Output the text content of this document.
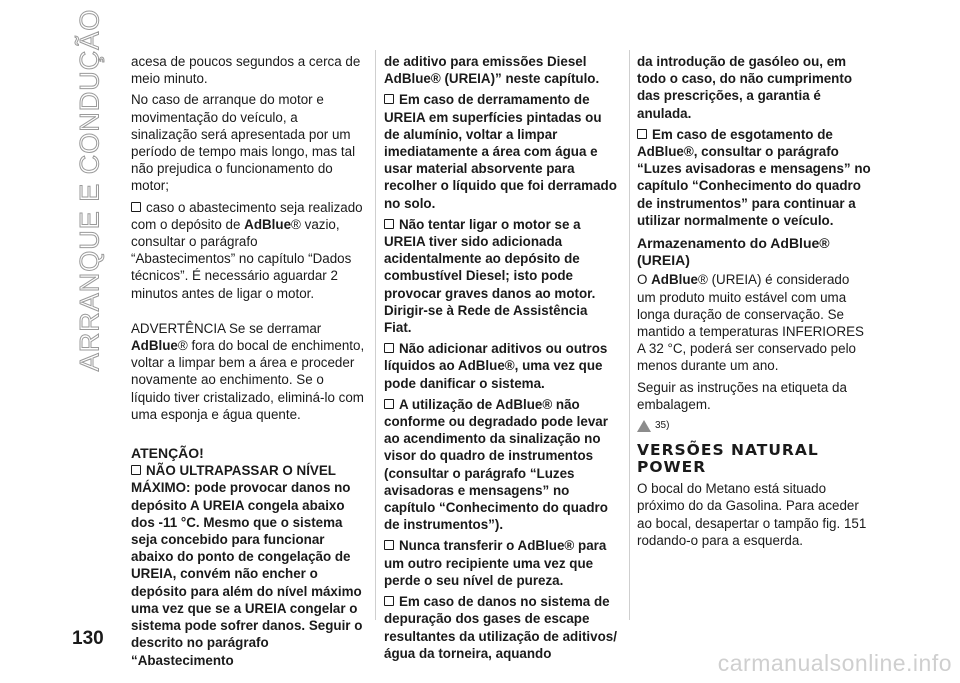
ARRANQUE E CONDUÇÃO acesa de poucos segundos a cerca de meio minuto.

No caso de arranque do motor e movimentação do veículo, a sinalização será apresentada por um período de tempo mais longo, mas tal não prejudica o funcionamento do motor;

caso o abastecimento seja realizado com o depósito de AdBlue® vazio, consultar o parágrafo “Abastecimentos” no capítulo “Dados técnicos”. É necessário aguardar 2 minutos antes de ligar o motor.

ADVERTÊNCIA Se se derramar AdBlue® fora do bocal de enchimento, voltar a limpar bem a área e proceder novamente ao enchimento. Se o líquido tiver cristalizado, eliminá-lo com uma esponja e água quente.

ATENÇÃO!

NÃO ULTRAPASSAR O NÍVEL MÁXIMO: pode provocar danos no depósito A UREIA congela abaixo dos -11 °C. Mesmo que o sistema seja concebido para funcionar abaixo do ponto de congelação de UREIA, convém não encher o depósito para além do nível máximo uma vez que se a UREIA congelar o sistema pode sofrer danos. Seguir o descrito no parágrafo “Abastecimento

de aditivo para emissões Diesel AdBlue® (UREIA)” neste capítulo.

Em caso de derramamento de UREIA em superfícies pintadas ou de alumínio, voltar a limpar imediatamente a área com água e usar material absorvente para recolher o líquido que foi derramado no solo.

Não tentar ligar o motor se a UREIA tiver sido adicionada acidentalmente ao depósito de combustível Diesel; isto pode provocar graves danos ao motor. Dirigir-se à Rede de Assistência Fiat.

Não adicionar aditivos ou outros líquidos ao AdBlue®, uma vez que pode danificar o sistema.

A utilização de AdBlue® não conforme ou degradado pode levar ao acendimento da sinalização no visor do quadro de instrumentos (consultar o parágrafo “Luzes avisadoras e mensagens” no capítulo “Conhecimento do quadro de instrumentos”).

Nunca transferir o AdBlue® para um outro recipiente uma vez que perde o seu nível de pureza.

Em caso de danos no sistema de depuração dos gases de escape resultantes da utilização de aditivos/água da torneira, aquando

da introdução de gasóleo ou, em todo o caso, do não cumprimento das prescrições, a garantia é anulada.

Em caso de esgotamento de AdBlue®, consultar o parágrafo “Luzes avisadoras e mensagens” no capítulo “Conhecimento do quadro de instrumentos” para continuar a utilizar normalmente o veículo.

Armazenamento do AdBlue® (UREIA)

O AdBlue® (UREIA) é considerado um produto muito estável com uma longa duração de conservação. Se mantido a temperaturas INFERIORES A 32 °C, poderá ser conservado pelo menos durante um ano.

Seguir as instruções na etiqueta da embalagem.

35)
VERSÕES NATURAL POWER

O bocal do Metano está situado próximo do da Gasolina. Para aceder ao bocal, desapertar o tampão fig. 151 rodando-o para a esquerda.

130
carmanualsonline.info
